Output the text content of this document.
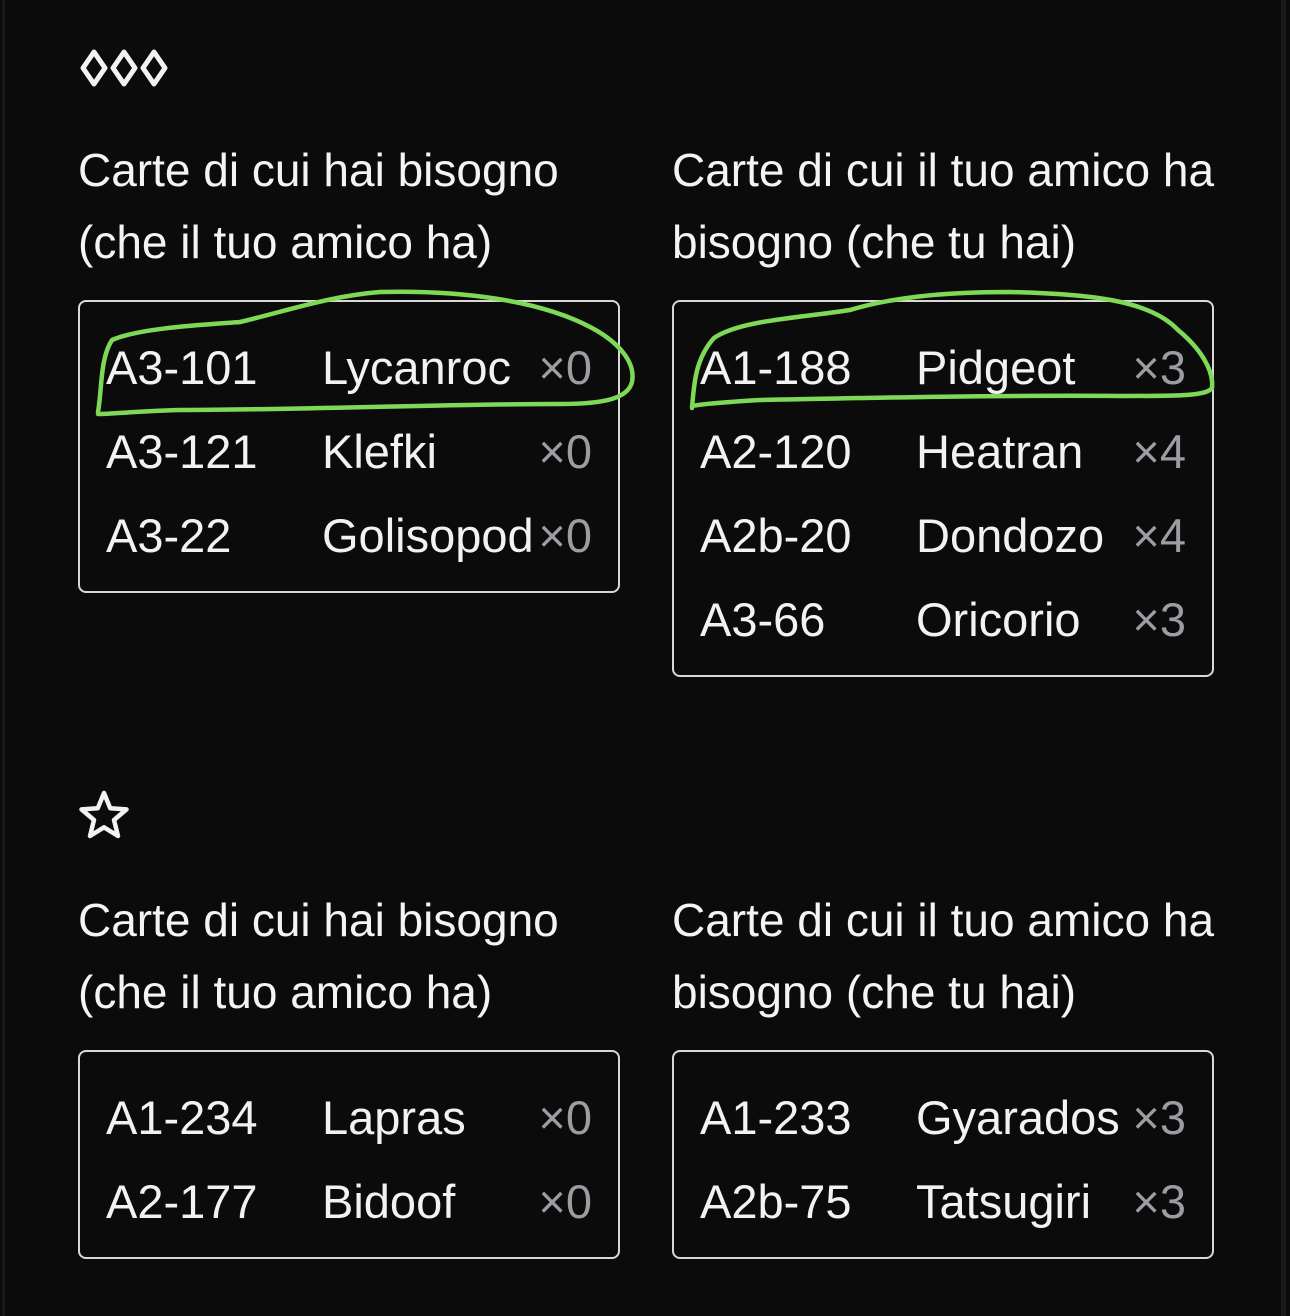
Carte di cui hai bisogno (che il tuo amico ha)
Carte di cui il tuo amico ha bisogno (che tu hai)
A3-101 Lycanroc ×0
A3-121 Klefki ×0
A3-22 Golisopod ×0
A1-188 Pidgeot ×3
A2-120 Heatran ×4
A2b-20 Dondozo ×4
A3-66 Oricorio ×3
Carte di cui hai bisogno (che il tuo amico ha)
Carte di cui il tuo amico ha bisogno (che tu hai)
A1-234 Lapras ×0
A2-177 Bidoof ×0
A1-233 Gyarados ×3
A2b-75 Tatsugiri ×3
